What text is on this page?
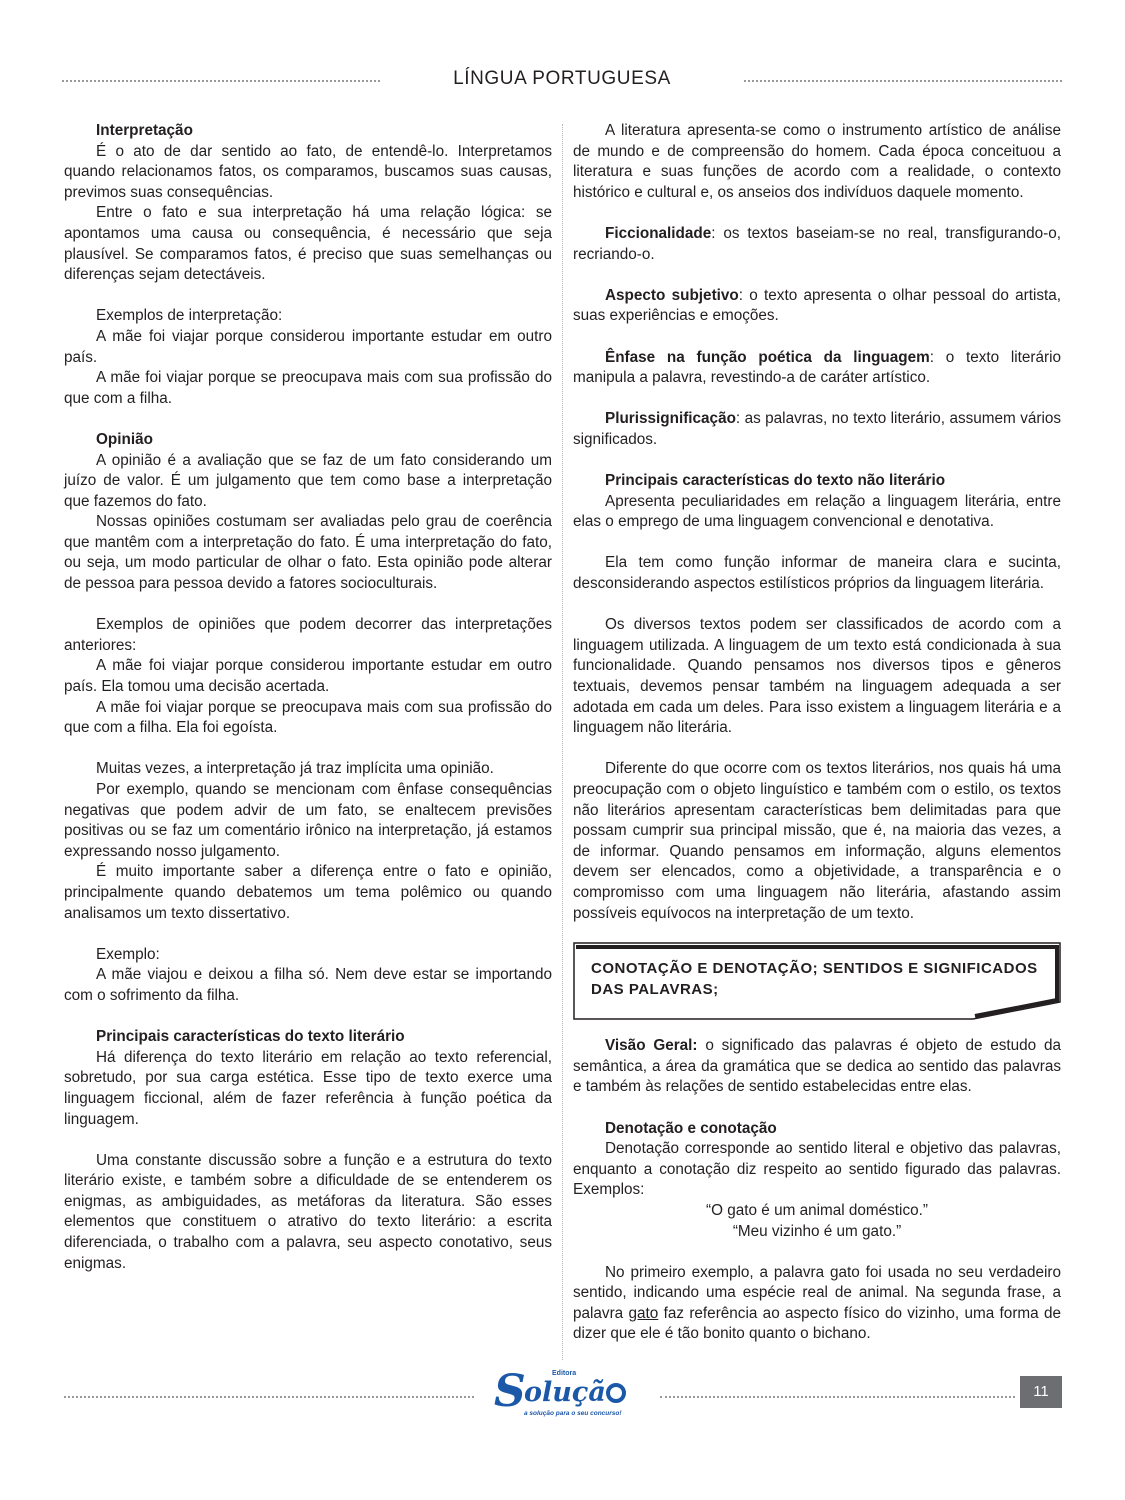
LÍNGUA PORTUGUESA

Interpretação

É o ato de dar sentido ao fato, de entendê-lo. Interpretamos quando relacionamos fatos, os comparamos, buscamos suas causas, previmos suas consequências.

Entre o fato e sua interpretação há uma relação lógica: se apontamos uma causa ou consequência, é necessário que seja plausível. Se comparamos fatos, é preciso que suas semelhanças ou diferenças sejam detectáveis.

Exemplos de interpretação:

A mãe foi viajar porque considerou importante estudar em outro país.

A mãe foi viajar porque se preocupava mais com sua profissão do que com a filha.

Opinião

A opinião é a avaliação que se faz de um fato considerando um juízo de valor. É um julgamento que tem como base a interpretação que fazemos do fato.

Nossas opiniões costumam ser avaliadas pelo grau de coerência que mantêm com a interpretação do fato. É uma interpretação do fato, ou seja, um modo particular de olhar o fato. Esta opinião pode alterar de pessoa para pessoa devido a fatores socioculturais.

Exemplos de opiniões que podem decorrer das interpretações anteriores:

A mãe foi viajar porque considerou importante estudar em outro país. Ela tomou uma decisão acertada.

A mãe foi viajar porque se preocupava mais com sua profissão do que com a filha. Ela foi egoísta.

Muitas vezes, a interpretação já traz implícita uma opinião.

Por exemplo, quando se mencionam com ênfase consequências negativas que podem advir de um fato, se enaltecem previsões positivas ou se faz um comentário irônico na interpretação, já estamos expressando nosso julgamento.

É muito importante saber a diferença entre o fato e opinião, principalmente quando debatemos um tema polêmico ou quando analisamos um texto dissertativo.

Exemplo:

A mãe viajou e deixou a filha só. Nem deve estar se importando com o sofrimento da filha.

Principais características do texto literário

Há diferença do texto literário em relação ao texto referencial, sobretudo, por sua carga estética. Esse tipo de texto exerce uma linguagem ficcional, além de fazer referência à função poética da linguagem.

Uma constante discussão sobre a função e a estrutura do texto literário existe, e também sobre a dificuldade de se entenderem os enigmas, as ambiguidades, as metáforas da literatura. São esses elementos que constituem o atrativo do texto literário: a escrita diferenciada, o trabalho com a palavra, seu aspecto conotativo, seus enigmas.

A literatura apresenta-se como o instrumento artístico de análise de mundo e de compreensão do homem. Cada época conceituou a literatura e suas funções de acordo com a realidade, o contexto histórico e cultural e, os anseios dos indivíduos daquele momento.

Ficcionalidade: os textos baseiam-se no real, transfigurando-o, recriando-o.

Aspecto subjetivo: o texto apresenta o olhar pessoal do artista, suas experiências e emoções.

Ênfase na função poética da linguagem: o texto literário manipula a palavra, revestindo-a de caráter artístico.

Plurissignificação: as palavras, no texto literário, assumem vários significados.

Principais características do texto não literário

Apresenta peculiaridades em relação a linguagem literária, entre elas o emprego de uma linguagem convencional e denotativa.

Ela tem como função informar de maneira clara e sucinta, desconsiderando aspectos estilísticos próprios da linguagem literária.

Os diversos textos podem ser classificados de acordo com a linguagem utilizada. A linguagem de um texto está condicionada à sua funcionalidade. Quando pensamos nos diversos tipos e gêneros textuais, devemos pensar também na linguagem adequada a ser adotada em cada um deles. Para isso existem a linguagem literária e a linguagem não literária.

Diferente do que ocorre com os textos literários, nos quais há uma preocupação com o objeto linguístico e também com o estilo, os textos não literários apresentam características bem delimitadas para que possam cumprir sua principal missão, que é, na maioria das vezes, a de informar. Quando pensamos em informação, alguns elementos devem ser elencados, como a objetividade, a transparência e o compromisso com uma linguagem não literária, afastando assim possíveis equívocos na interpretação de um texto.

CONOTAÇÃO E DENOTAÇÃO; SENTIDOS E SIGNIFICADOS DAS PALAVRAS;

Visão Geral: o significado das palavras é objeto de estudo da semântica, a área da gramática que se dedica ao sentido das palavras e também às relações de sentido estabelecidas entre elas.

Denotação e conotação

Denotação corresponde ao sentido literal e objetivo das palavras, enquanto a conotação diz respeito ao sentido figurado das palavras. Exemplos:

“O gato é um animal doméstico.”

“Meu vizinho é um gato.”

No primeiro exemplo, a palavra gato foi usada no seu verdadeiro sentido, indicando uma espécie real de animal. Na segunda frase, a palavra gato faz referência ao aspecto físico do vizinho, uma forma de dizer que ele é tão bonito quanto o bichano.

S	Editora
oluçã
a solução para o seu concurso!
11
